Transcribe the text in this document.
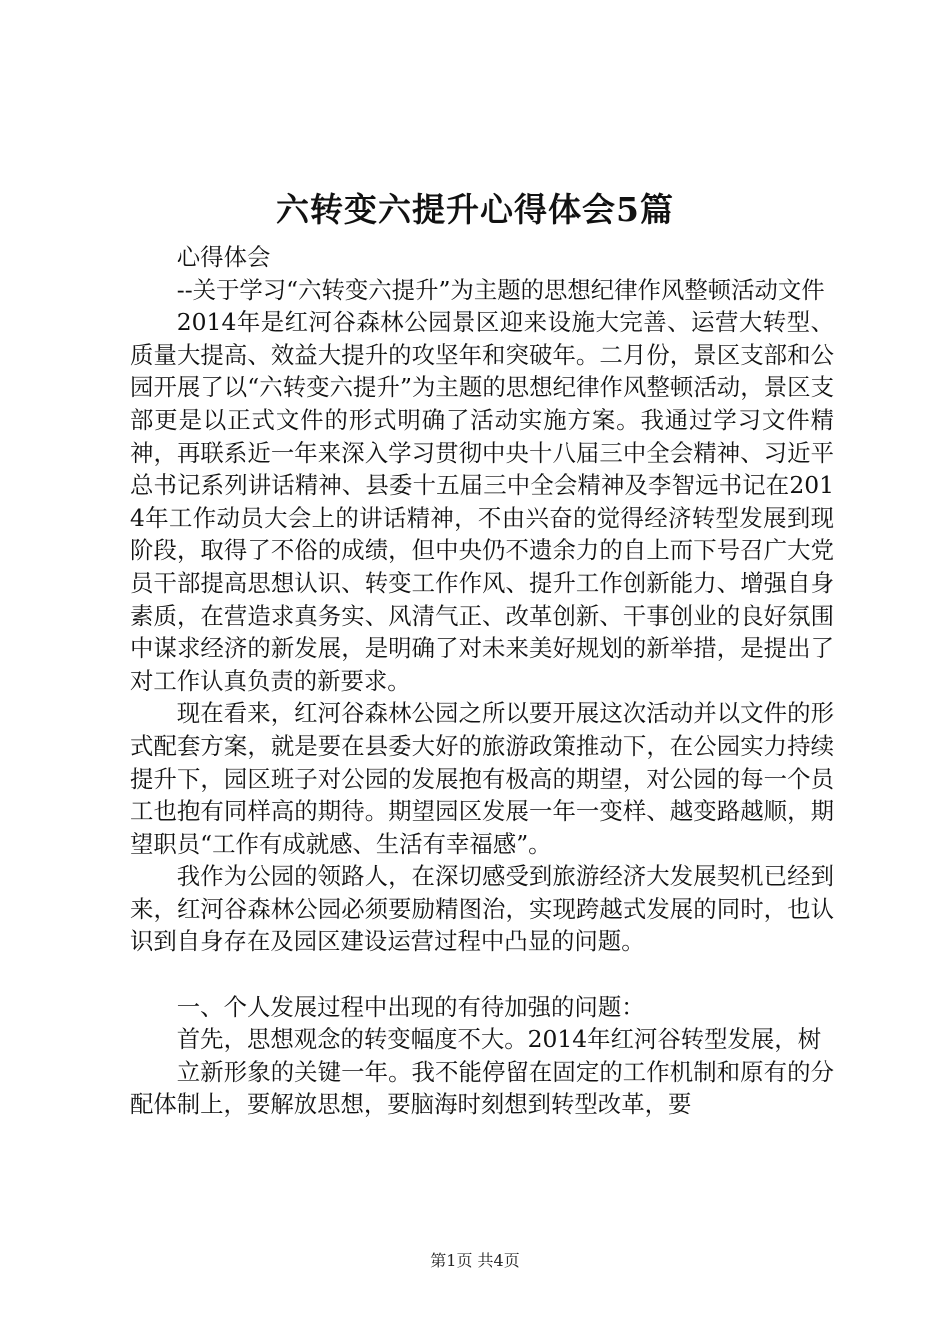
六转变六提升心得体会5篇

心得体会

--关于学习“六转变六提升”为主题的思想纪律作风整顿活动文件

2014年是红河谷森林公园景区迎来设施大完善、运营大转型、质量大提高、效益大提升的攻坚年和突破年。二月份，景区支部和公园开展了以“六转变六提升”为主题的思想纪律作风整顿活动，景区支部更是以正式文件的形式明确了活动实施方案。我通过学习文件精神，再联系近一年来深入学习贯彻中央十八届三中全会精神、习近平总书记系列讲话精神、县委十五届三中全会精神及李智远书记在2014年工作动员大会上的讲话精神，不由兴奋的觉得经济转型发展到现阶段，取得了不俗的成绩，但中央仍不遗余力的自上而下号召广大党员干部提高思想认识、转变工作作风、提升工作创新能力、增强自身素质，在营造求真务实、风清气正、改革创新、干事创业的良好氛围中谋求经济的新发展，是明确了对未来美好规划的新举措，是提出了对工作认真负责的新要求。

现在看来，红河谷森林公园之所以要开展这次活动并以文件的形式配套方案，就是要在县委大好的旅游政策推动下，在公园实力持续提升下，园区班子对公园的发展抱有极高的期望，对公园的每一个员工也抱有同样高的期待。期望园区发展一年一变样、越变路越顺，期望职员“工作有成就感、生活有幸福感”。

我作为公园的领路人，在深切感受到旅游经济大发展契机已经到来，红河谷森林公园必须要励精图治，实现跨越式发展的同时，也认识到自身存在及园区建设运营过程中凸显的问题。

一、个人发展过程中出现的有待加强的问题：

首先，思想观念的转变幅度不大。2014年红河谷转型发展，树

立新形象的关键一年。我不能停留在固定的工作机制和原有的分配体制上，要解放思想，要脑海时刻想到转型改革，要

第1页 共4页
